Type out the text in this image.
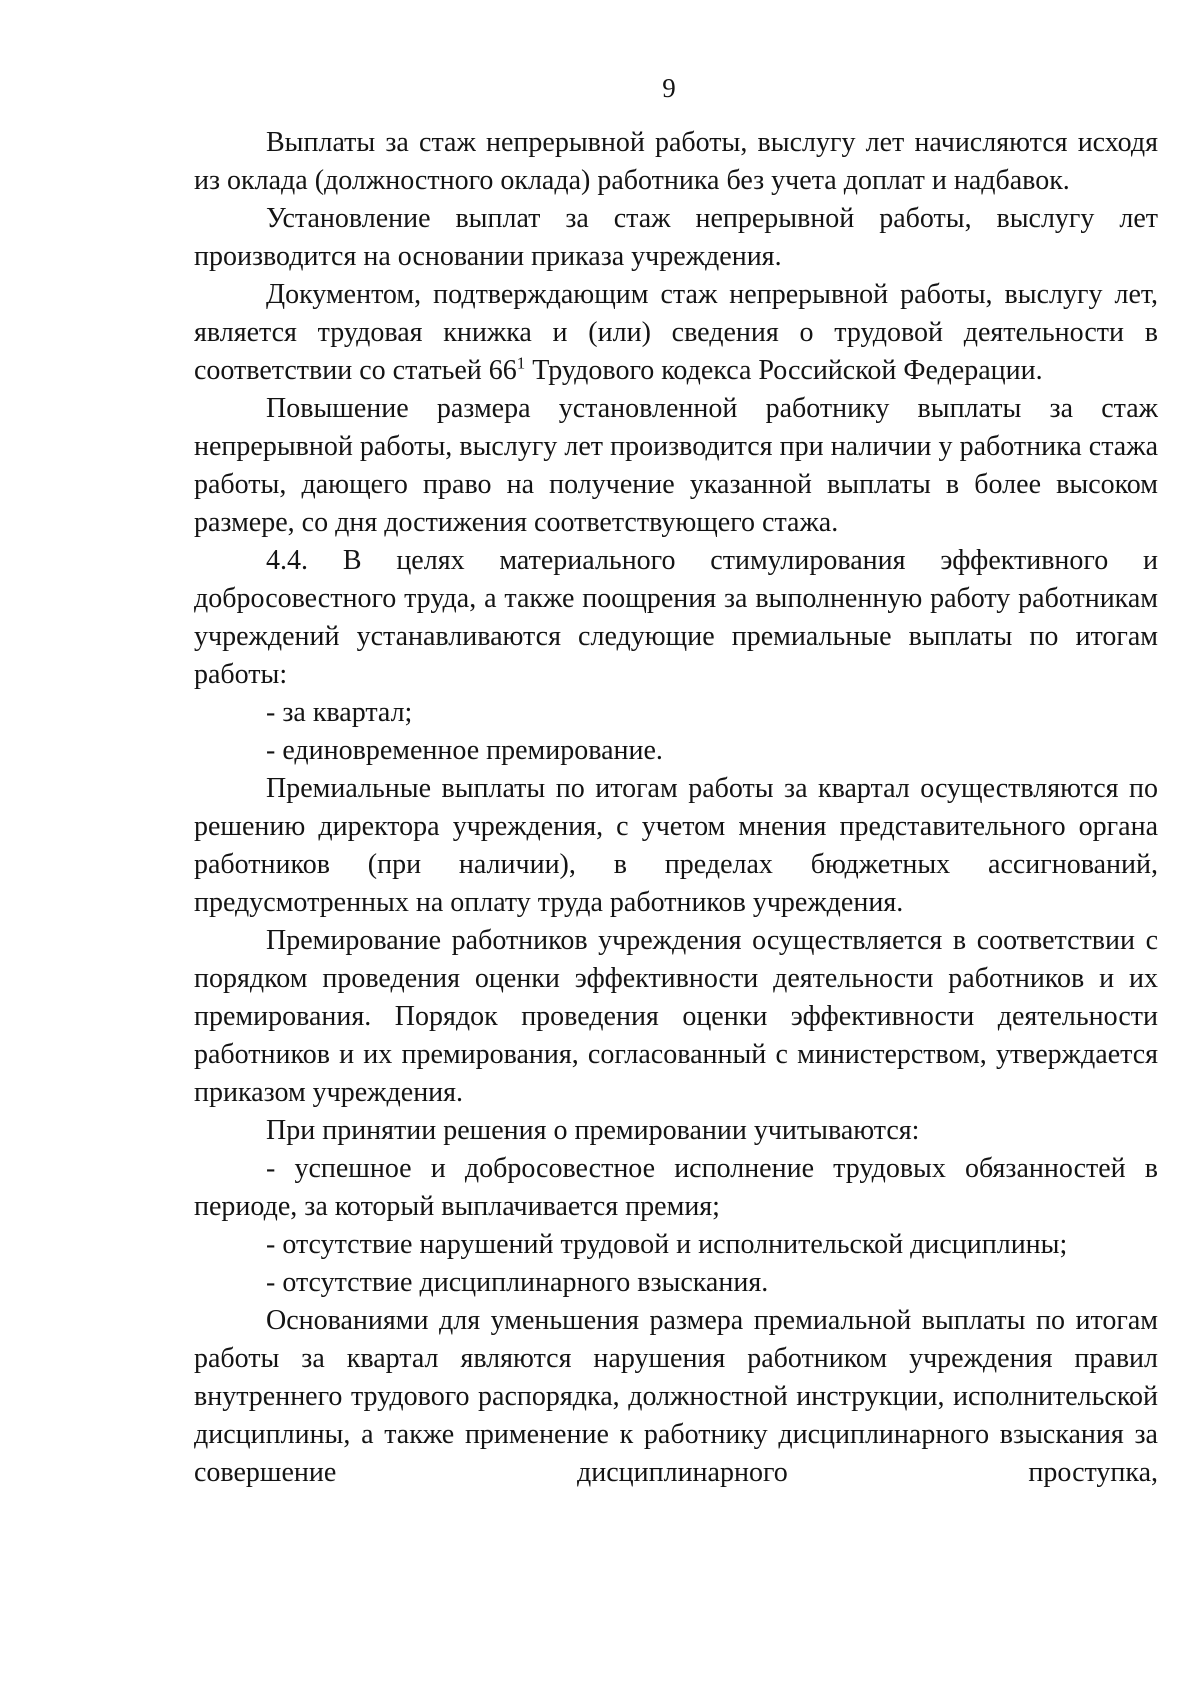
9

Выплаты за стаж непрерывной работы, выслугу лет начисляются исходя из оклада (должностного оклада) работника без учета доплат и надбавок.

Установление выплат за стаж непрерывной работы, выслугу лет производится на основании приказа учреждения.

Документом, подтверждающим стаж непрерывной работы, выслугу лет, является трудовая книжка и (или) сведения о трудовой деятельности в соответствии со статьей $66^1$ Трудового кодекса Российской Федерации.

Повышение размера установленной работнику выплаты за стаж непрерывной работы, выслугу лет производится при наличии у работника стажа работы, дающего право на получение указанной выплаты в более высоком размере, со дня достижения соответствующего стажа.

4.4. В целях материального стимулирования эффективного и добросовестного труда, а также поощрения за выполненную работу работникам учреждений устанавливаются следующие премиальные выплаты по итогам работы:

- за квартал;

- единовременное премирование.

Премиальные выплаты по итогам работы за квартал осуществляются по решению директора учреждения, с учетом мнения представительного органа работников (при наличии), в пределах бюджетных ассигнований, предусмотренных на оплату труда работников учреждения.

Премирование работников учреждения осуществляется в соответствии с порядком проведения оценки эффективности деятельности работников и их премирования. Порядок проведения оценки эффективности деятельности работников и их премирования, согласованный с министерством, утверждается приказом учреждения.

При принятии решения о премировании учитываются:

- успешное и добросовестное исполнение трудовых обязанностей в периоде, за который выплачивается премия;

- отсутствие нарушений трудовой и исполнительской дисциплины;

- отсутствие дисциплинарного взыскания.

Основаниями для уменьшения размера премиальной выплаты по итогам работы за квартал являются нарушения работником учреждения правил внутреннего трудового распорядка, должностной инструкции, исполнительской дисциплины, а также применение к работнику дисциплинарного взыскания за совершение дисциплинарного проступка,
